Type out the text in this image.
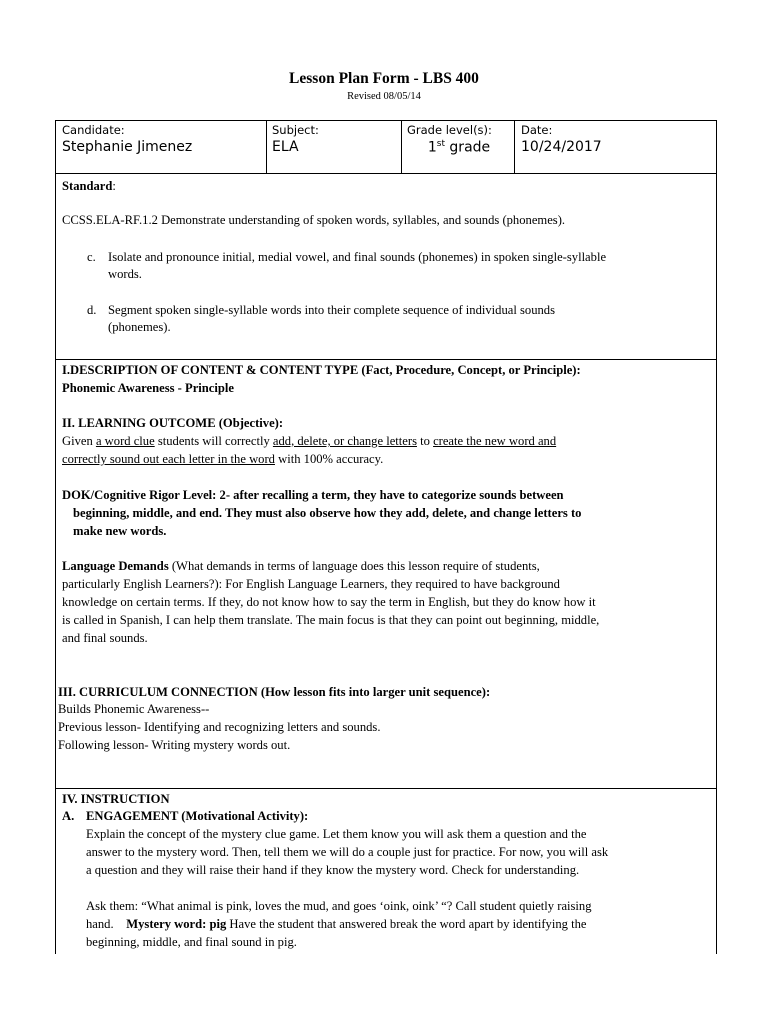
Lesson Plan Form - LBS 400
Revised 08/05/14
Candidate:
Stephanie Jimenez
Subject:
ELA
Grade level(s):
1st grade
Date:
10/24/2017
Standard:
CCSS.ELA-RF.1.2 Demonstrate understanding of spoken words, syllables, and sounds (phonemes).
c. Isolate and pronounce initial, medial vowel, and final sounds (phonemes) in spoken single-syllable
words.
d. Segment spoken single-syllable words into their complete sequence of individual sounds
(phonemes).
I.DESCRIPTION OF CONTENT & CONTENT TYPE (Fact, Procedure, Concept, or Principle):
Phonemic Awareness - Principle
II. LEARNING OUTCOME (Objective):
Given a word clue students will correctly add, delete, or change letters to create the new word and
correctly sound out each letter in the word with 100% accuracy.
DOK/Cognitive Rigor Level: 2- after recalling a term, they have to categorize sounds between
beginning, middle, and end. They must also observe how they add, delete, and change letters to
make new words.
Language Demands (What demands in terms of language does this lesson require of students,
particularly English Learners?): For English Language Learners, they required to have background
knowledge on certain terms. If they, do not know how to say the term in English, but they do know how it
is called in Spanish, I can help them translate. The main focus is that they can point out beginning, middle,
and final sounds.
III. CURRICULUM CONNECTION (How lesson fits into larger unit sequence):
Builds Phonemic Awareness--
Previous lesson- Identifying and recognizing letters and sounds.
Following lesson- Writing mystery words out.
IV. INSTRUCTION
A. ENGAGEMENT (Motivational Activity):
Explain the concept of the mystery clue game. Let them know you will ask them a question and the
answer to the mystery word. Then, tell them we will do a couple just for practice. For now, you will ask
a question and they will raise their hand if they know the mystery word. Check for understanding.
Ask them: “What animal is pink, loves the mud, and goes ‘oink, oink’ “? Call student quietly raising
hand.    Mystery word: pig Have the student that answered break the word apart by identifying the
beginning, middle, and final sound in pig.
